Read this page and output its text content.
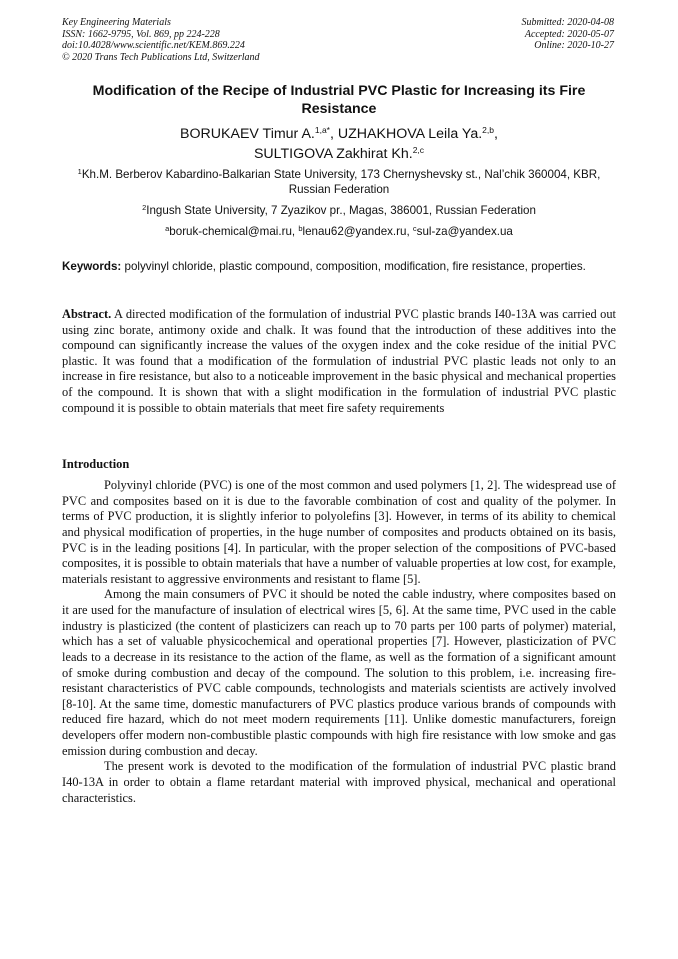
Key Engineering Materials
ISSN: 1662-9795, Vol. 869, pp 224-228
doi:10.4028/www.scientific.net/KEM.869.224
© 2020 Trans Tech Publications Ltd, Switzerland
Submitted: 2020-04-08
Accepted: 2020-05-07
Online: 2020-10-27
Modification of the Recipe of Industrial PVC Plastic for Increasing its Fire Resistance
BORUKAEV Timur A.$^{1,a*}$, UZHAKHOVA Leila Ya.$^{2,b}$,
SULTIGOVA Zakhirat Kh.$^{2,c}$
$^1$Kh.M. Berberov Kabardino-Balkarian State University, 173 Chernyshevsky st., Nal’chik 360004, KBR, Russian Federation
$^2$Ingush State University, 7 Zyazikov pr., Magas, 386001, Russian Federation
$^a$boruk-chemical@mai.ru, $^b$lenau62@yandex.ru, $^c$sul-za@yandex.ua
Keywords: polyvinyl chloride, plastic compound, composition, modification, fire resistance, properties.
Abstract. A directed modification of the formulation of industrial PVC plastic brands I40-13A was carried out using zinc borate, antimony oxide and chalk. It was found that the introduction of these additives into the compound can significantly increase the values of the oxygen index and the coke residue of the initial PVC plastic. It was found that a modification of the formulation of industrial PVC plastic leads not only to an increase in fire resistance, but also to a noticeable improvement in the basic physical and mechanical properties of the compound. It is shown that with a slight modification in the formulation of industrial PVC plastic compound it is possible to obtain materials that meet fire safety requirements
Introduction

Polyvinyl chloride (PVC) is one of the most common and used polymers [1, 2]. The widespread use of PVC and composites based on it is due to the favorable combination of cost and quality of the polymer. In terms of PVC production, it is slightly inferior to polyolefins [3]. However, in terms of its ability to chemical and physical modification of properties, in the huge number of composites and products obtained on its basis, PVC is in the leading positions [4]. In particular, with the proper selection of the compositions of PVC-based composites, it is possible to obtain materials that have a number of valuable properties at low cost, for example, materials resistant to aggressive environments and resistant to flame [5].

Among the main consumers of PVC it should be noted the cable industry, where composites based on it are used for the manufacture of insulation of electrical wires [5, 6]. At the same time, PVC used in the cable industry is plasticized (the content of plasticizers can reach up to 70 parts per 100 parts of polymer) material, which has a set of valuable physicochemical and operational properties [7]. However, plasticization of PVC leads to a decrease in its resistance to the action of the flame, as well as the formation of a significant amount of smoke during combustion and decay of the compound. The solution to this problem, i.e. increasing fire-resistant characteristics of PVC cable compounds, technologists and materials scientists are actively involved [8-10]. At the same time, domestic manufacturers of PVC plastics produce various brands of compounds with reduced fire hazard, which do not meet modern requirements [11]. Unlike domestic manufacturers, foreign developers offer modern non-combustible plastic compounds with high fire resistance with low smoke and gas emission during combustion and decay.

The present work is devoted to the modification of the formulation of industrial PVC plastic brand I40-13A in order to obtain a flame retardant material with improved physical, mechanical and operational characteristics.
